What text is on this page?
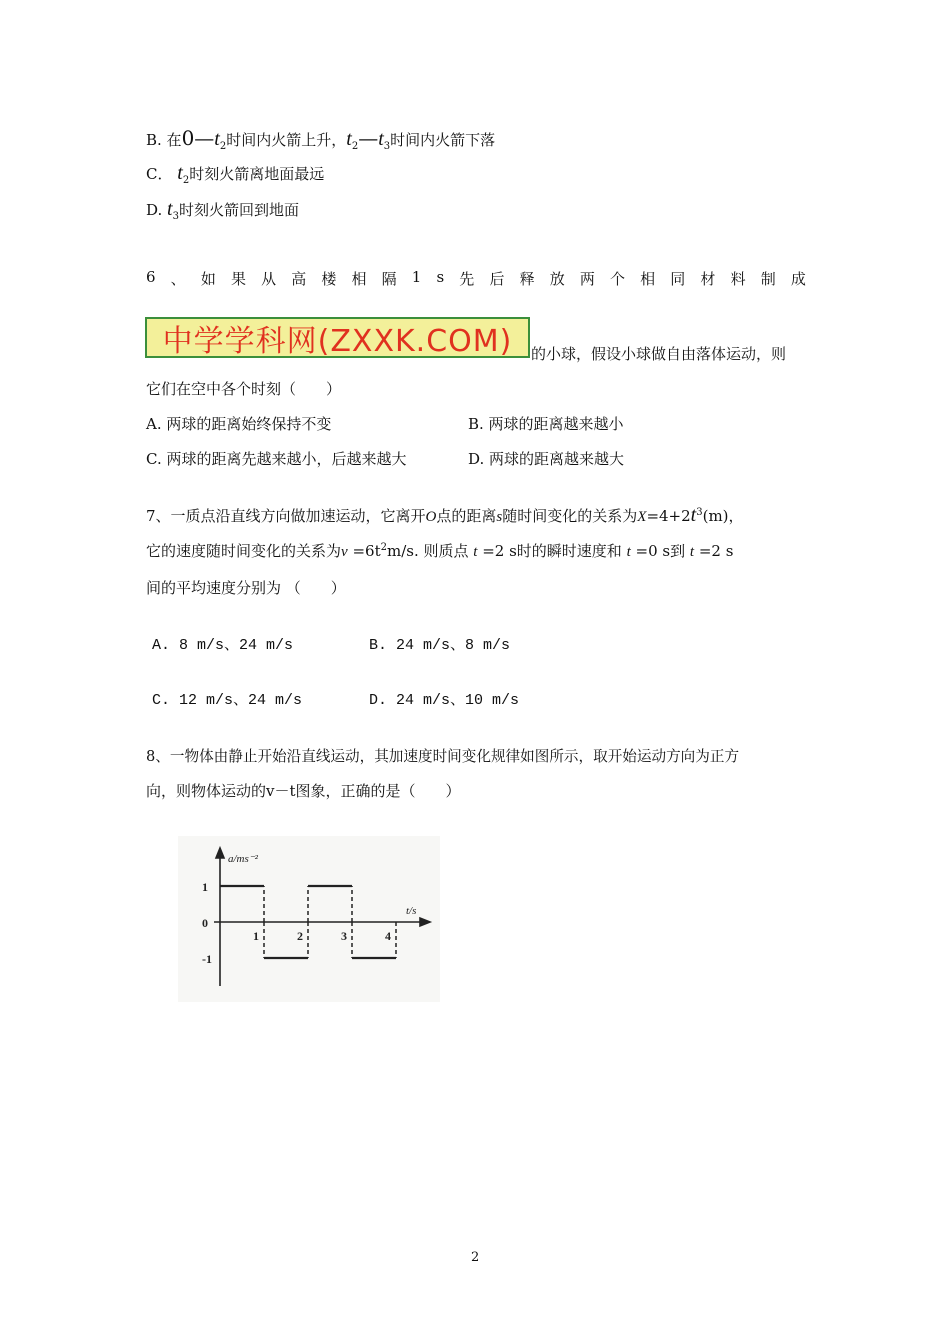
B. 在$0—t_2$时间内火箭上升，$t_2—t_3$时间内火箭下落
C． $t_2$时刻火箭离地面最远
D. $t_3$时刻火箭回到地面
6 、 如 果 从 高 楼 相 隔 1 s 先 后 释 放 两 个 相 同 材 料 制 成
中学学科网(ZXXK.COM) 的小球，假设小球做自由落体运动，则
它们在空中各个时刻（　　）
A. 两球的距离始终保持不变	B. 两球的距离越来越小
C. 两球的距离先越来越小，后越来越大	D. 两球的距离越来越大
7、一质点沿直线方向做加速运动，它离开O点的距离s随时间变化的关系为$X=4+2t^3(m)$，
它的速度随时间变化的关系为$v =6t^2m/s$. 则质点 t =2 s时的瞬时速度和 t =0 s到 t =2 s
间的平均速度分别为 （　　）
A. 8 m/s、24 m/s	B. 24 m/s、8 m/s
C. 12 m/s、24 m/s	D. 24 m/s、10 m/s
8、一物体由静止开始沿直线运动，其加速度时间变化规律如图所示，取开始运动方向为正方
向，则物体运动的v－t图象，正确的是（　　）
1
0
-1
1	2	3	4
a/ms⁻²
t/s
2
